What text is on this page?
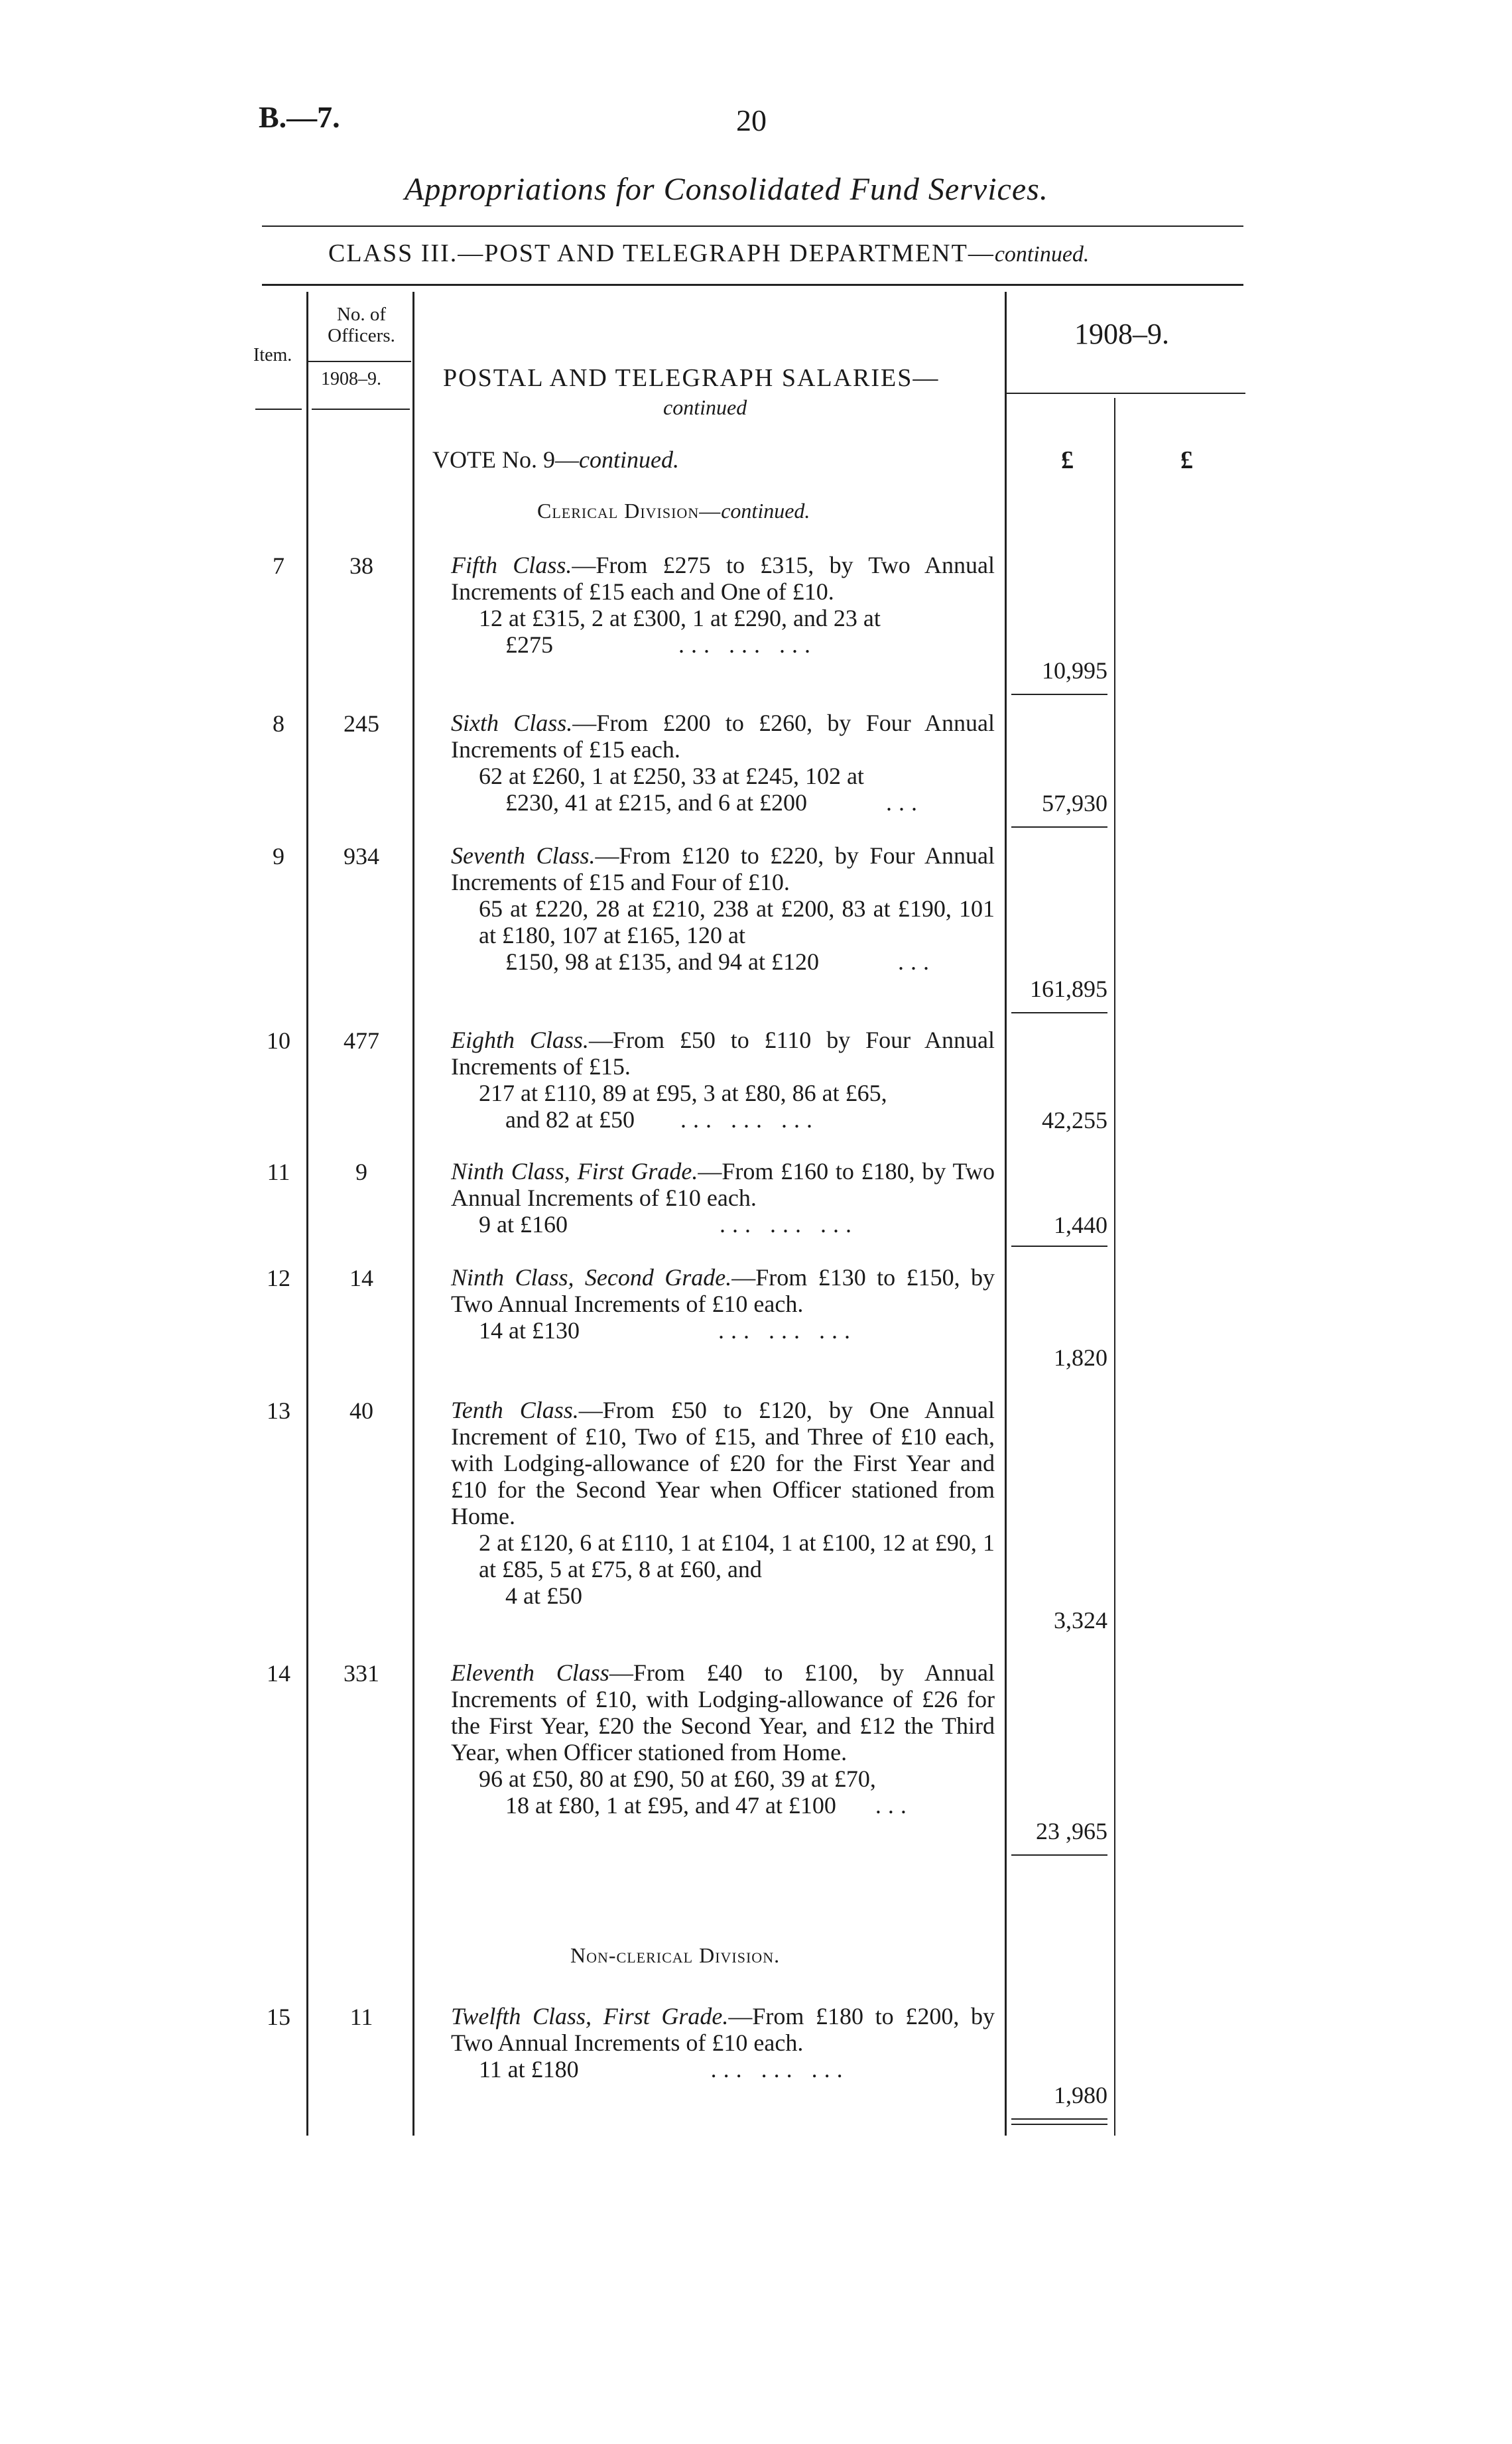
B.—7.	20
Appropriations for Consolidated Fund Services.
CLASS III.—POST AND TELEGRAPH DEPARTMENT—continued.
Item.
No. of Officers.
1908–9. POSTAL AND TELEGRAPH SALARIES—
continued
1908–9.
VOTE No. 9—continued.	£	£
Clerical Division—continued.
7	38	Fifth Class.—From £275 to £315, by Two Annual Increments of £15 each and One of £10.

12 at £315, 2 at £300, 1 at £290, and 23 at

£275	... ... ...

10,995
8	245	Sixth Class.—From £200 to £260, by Four Annual Increments of £15 each.

62 at £260, 1 at £250, 33 at £245, 102 at

£230, 41 at £215, and 6 at £200	...	57,930
9	934	Seventh Class.—From £120 to £220, by Four Annual Increments of £15 and Four of £10.

65 at £220, 28 at £210, 238 at £200, 83 at £190, 101 at £180, 107 at £165, 120 at

£150, 98 at £135, and 94 at £120	...

161,895
10	477	Eighth Class.—From £50 to £110 by Four Annual Increments of £15.

217 at £110, 89 at £95, 3 at £80, 86 at £65,

and 82 at £50 ... ... ...	42,255
11	9	Ninth Class, First Grade.—From £160 to £180, by Two Annual Increments of £10 each.

9 at £160	... ... ...	1,440
12	14	Ninth Class, Second Grade.—From £130 to £150, by Two Annual Increments of £10 each.

14 at £130	... ... ...

1,820
13	40	Tenth Class.—From £50 to £120, by One Annual Increment of £10, Two of £15, and Three of £10 each, with Lodging-allowance of £20 for the First Year and £10 for the Second Year when Officer stationed from Home.

2 at £120, 6 at £110, 1 at £104, 1 at £100, 12 at £90, 1 at £85, 5 at £75, 8 at £60, and

4 at £50

3,324
14	331	Eleventh Class—From £40 to £100, by Annual Increments of £10, with Lodging-allowance of £26 for the First Year, £20 the Second Year, and £12 the Third Year, when Officer stationed from Home.

96 at £50, 80 at £90, 50 at £60, 39 at £70,

18 at £80, 1 at £95, and 47 at £100 ...

23 ,965
Non-clerical Division.
15	11	Twelfth Class, First Grade.—From £180 to £200, by Two Annual Increments of £10 each.

11 at £180	... ... ...

1,980
